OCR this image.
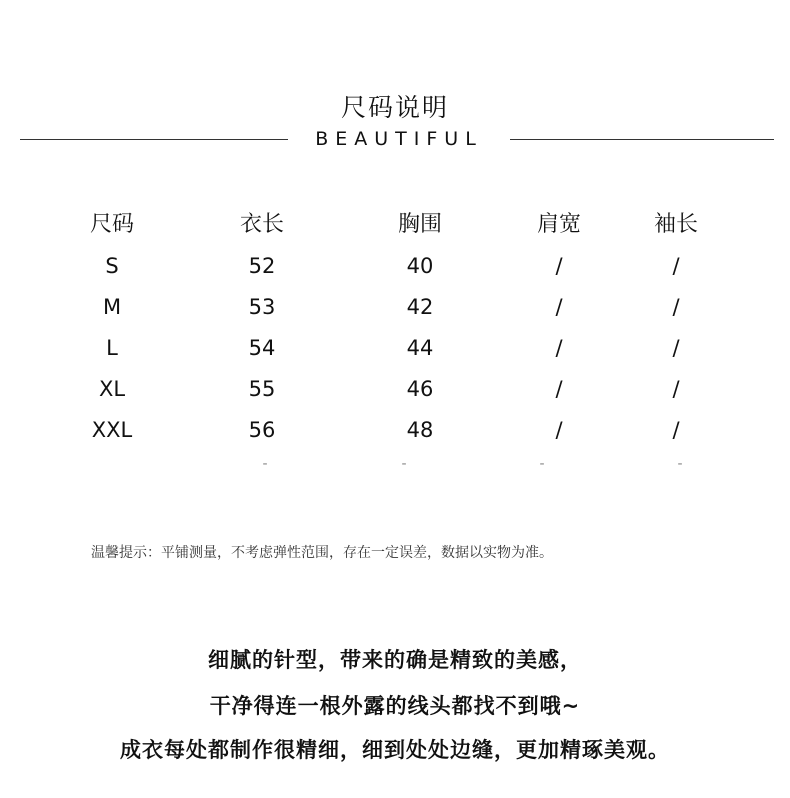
尺码说明
BEAUTIFUL
尺码	衣长	胸围	肩宽	袖长
S	52	40	/	/
M	53	42	/	/
L	54	44	/	/
XL	55	46	/	/
XXL	56	48	/	/
-	-	-	-
温馨提示：平铺测量，不考虑弹性范围，存在一定误差，数据以实物为准。
细腻的针型，带来的确是精致的美感，
干净得连一根外露的线头都找不到哦~
成衣每处都制作很精细，细到处处边缝，更加精琢美观。
